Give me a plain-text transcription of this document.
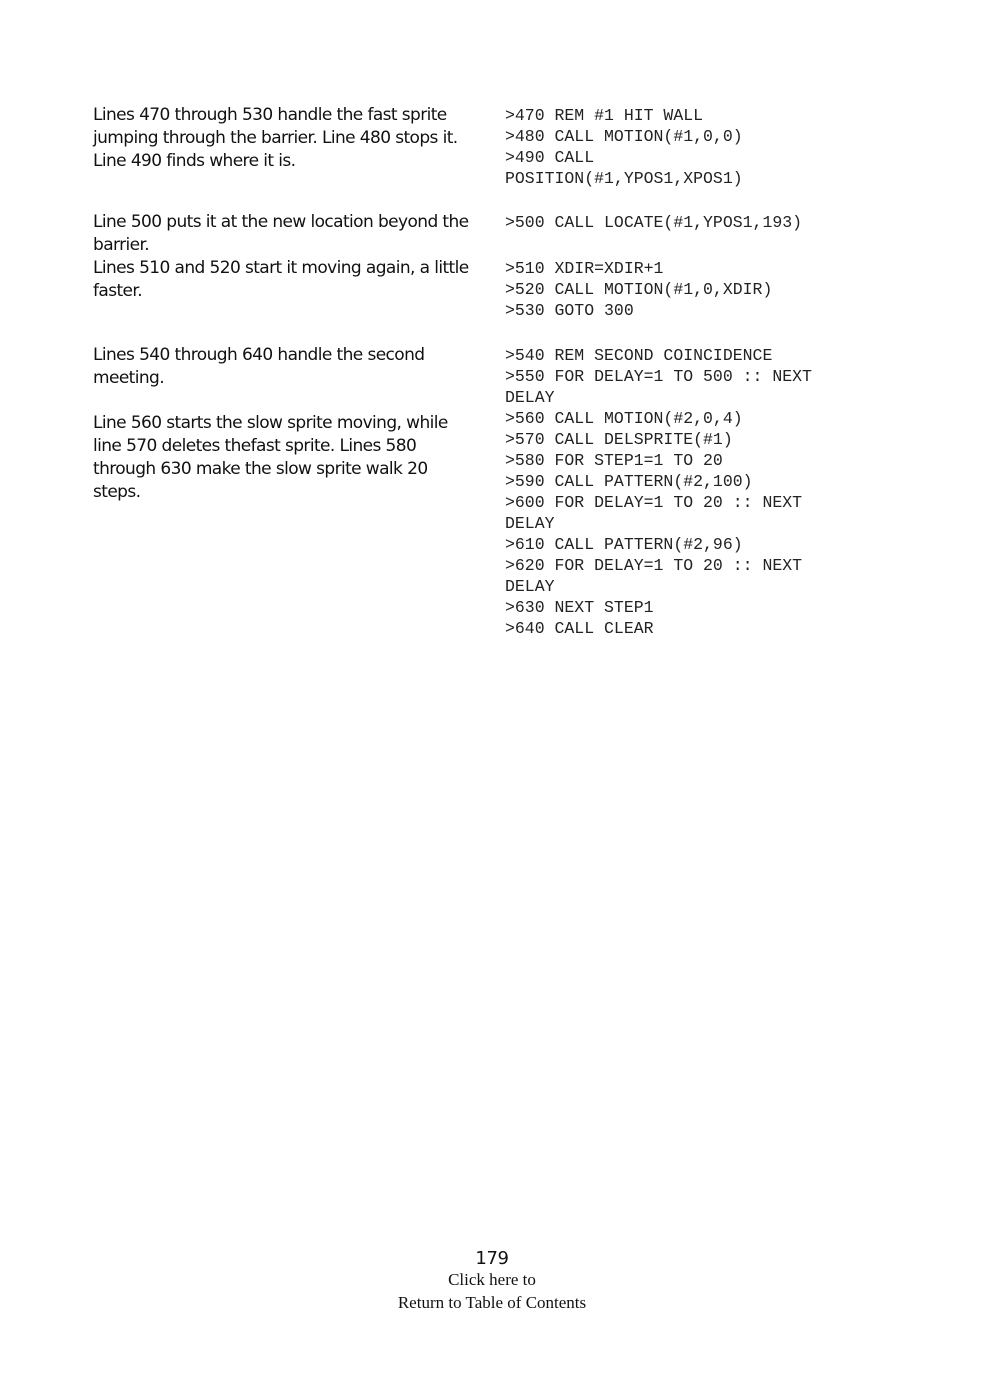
Lines 470 through 530 handle the fast sprite jumping through the barrier. Line 480 stops it. Line 490 finds where it is.

Line 500 puts it at the new location beyond the barrier.

Lines 510 and 520 start it moving again, a little faster.

Lines 540 through 640 handle the second meeting.

Line 560 starts the slow sprite moving, while line 570 deletes thefast sprite. Lines 580 through 630 make the slow sprite walk 20 steps.

>470 REM #1 HIT WALL
>480 CALL MOTION(#1,0,0)
>490 CALL
POSITION(#1,YPOS1,XPOS1)
>500 CALL LOCATE(#1,YPOS1,193)
>510 XDIR=XDIR+1
>520 CALL MOTION(#1,0,XDIR)
>530 GOTO 300
>540 REM SECOND COINCIDENCE
>550 FOR DELAY=1 TO 500 :: NEXT
DELAY
>560 CALL MOTION(#2,0,4)
>570 CALL DELSPRITE(#1)
>580 FOR STEP1=1 TO 20
>590 CALL PATTERN(#2,100)
>600 FOR DELAY=1 TO 20 :: NEXT
DELAY
>610 CALL PATTERN(#2,96)
>620 FOR DELAY=1 TO 20 :: NEXT
DELAY
>630 NEXT STEP1
>640 CALL CLEAR
179
Click here to
Return to Table of Contents
